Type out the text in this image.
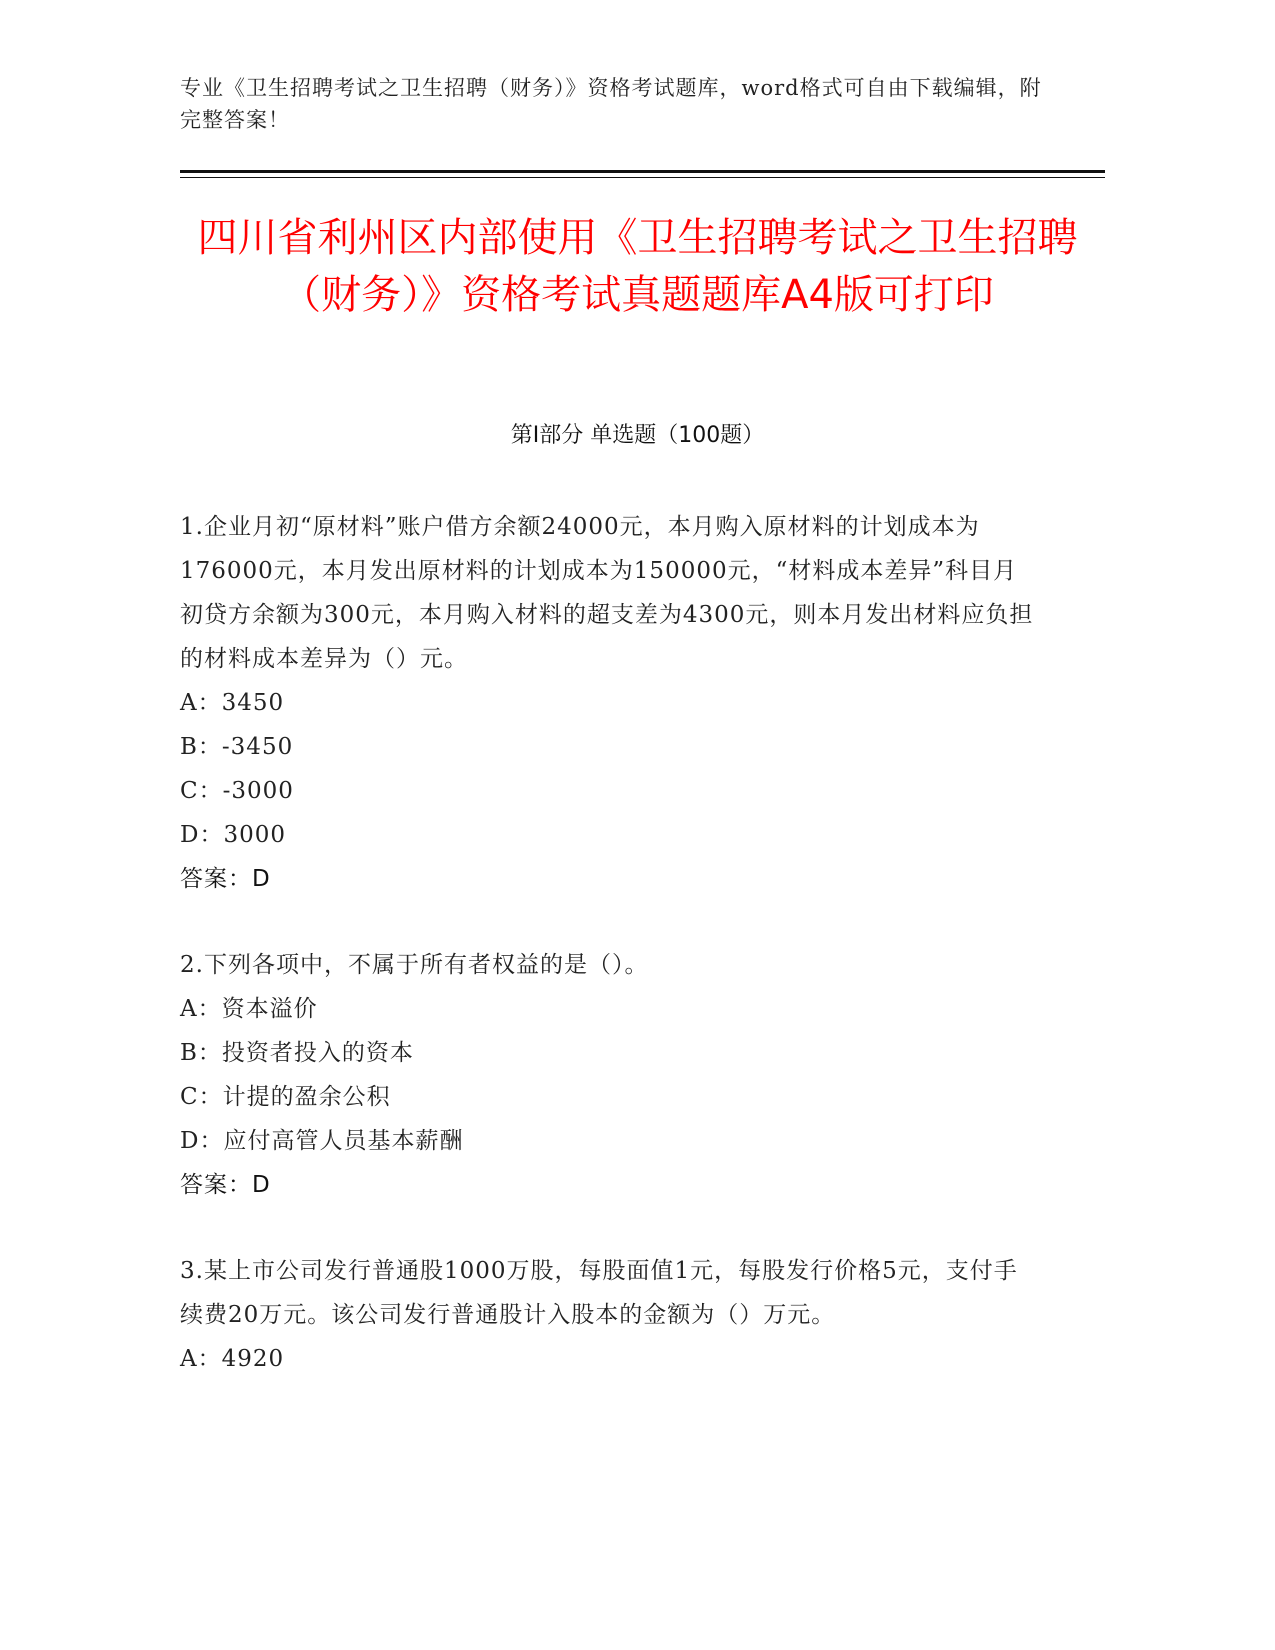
专业《卫生招聘考试之卫生招聘（财务）》资格考试题库，word格式可自由下载编辑，附完整答案！
四川省利州区内部使用《卫生招聘考试之卫生招聘（财务）》资格考试真题题库A4版可打印
第Ⅰ部分 单选题（100题）

1.企业月初“原材料”账户借方余额24000元，本月购入原材料的计划成本为176000元，本月发出原材料的计划成本为150000元，“材料成本差异”科目月初贷方余额为300元，本月购入材料的超支差为4300元，则本月发出材料应负担的材料成本差异为（）元。

A：3450

B：-3450

C：-3000

D：3000

答案：D

2.下列各项中，不属于所有者权益的是（）。

A：资本溢价

B：投资者投入的资本

C：计提的盈余公积

D：应付高管人员基本薪酬

答案：D

3.某上市公司发行普通股1000万股，每股面值1元，每股发行价格5元，支付手续费20万元。该公司发行普通股计入股本的金额为（）万元。

A：4920
